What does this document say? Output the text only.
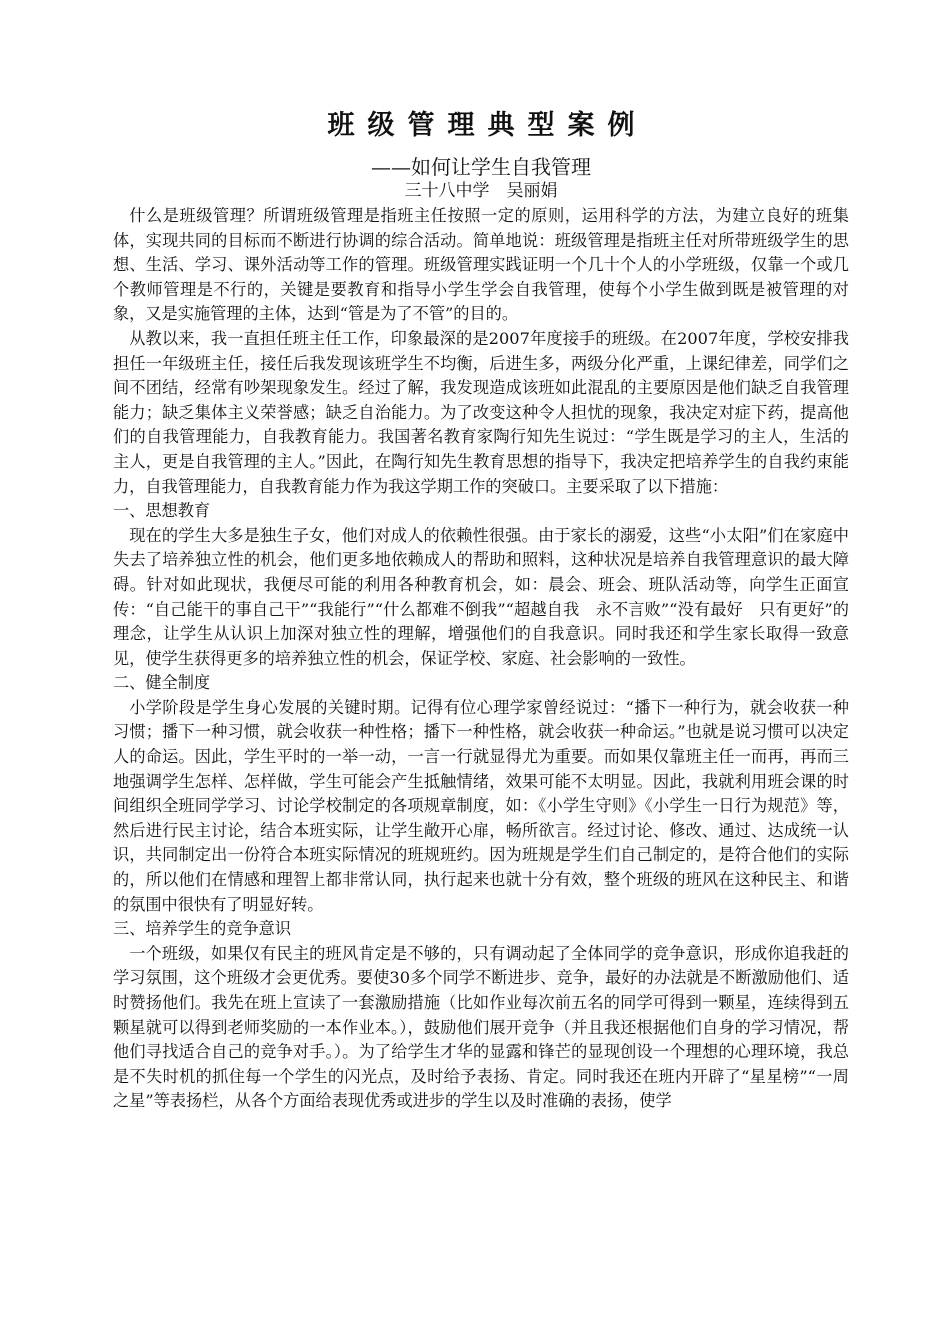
班级管理典型案例

——如何让学生自我管理

三十八中学　吴丽娟

什么是班级管理？所谓班级管理是指班主任按照一定的原则，运用科学的方法，为建立良好的班集体，实现共同的目标而不断进行协调的综合活动。简单地说：班级管理是指班主任对所带班级学生的思想、生活、学习、课外活动等工作的管理。班级管理实践证明一个几十个人的小学班级，仅靠一个或几个教师管理是不行的，关键是要教育和指导小学生学会自我管理，使每个小学生做到既是被管理的对象，又是实施管理的主体，达到“管是为了不管”的目的。

从教以来，我一直担任班主任工作，印象最深的是2007年度接手的班级。在2007年度，学校安排我担任一年级班主任，接任后我发现该班学生不均衡，后进生多，两级分化严重，上课纪律差，同学们之间不团结，经常有吵架现象发生。经过了解，我发现造成该班如此混乱的主要原因是他们缺乏自我管理能力；缺乏集体主义荣誉感；缺乏自治能力。为了改变这种令人担忧的现象，我决定对症下药，提高他们的自我管理能力，自我教育能力。我国著名教育家陶行知先生说过：“学生既是学习的主人，生活的主人，更是自我管理的主人。”因此，在陶行知先生教育思想的指导下，我决定把培养学生的自我约束能力，自我管理能力，自我教育能力作为我这学期工作的突破口。主要采取了以下措施：

一、思想教育

现在的学生大多是独生子女，他们对成人的依赖性很强。由于家长的溺爱，这些“小太阳”们在家庭中失去了培养独立性的机会，他们更多地依赖成人的帮助和照料，这种状况是培养自我管理意识的最大障碍。针对如此现状，我便尽可能的利用各种教育机会，如：晨会、班会、班队活动等，向学生正面宣传：“自己能干的事自己干”“我能行”“什么都难不倒我”“超越自我　永不言败”“没有最好　只有更好”的理念，让学生从认识上加深对独立性的理解，增强他们的自我意识。同时我还和学生家长取得一致意见，使学生获得更多的培养独立性的机会，保证学校、家庭、社会影响的一致性。

二、健全制度

小学阶段是学生身心发展的关键时期。记得有位心理学家曾经说过：“播下一种行为，就会收获一种习惯；播下一种习惯，就会收获一种性格；播下一种性格，就会收获一种命运。”也就是说习惯可以决定人的命运。因此，学生平时的一举一动，一言一行就显得尤为重要。而如果仅靠班主任一而再，再而三地强调学生怎样、怎样做，学生可能会产生抵触情绪，效果可能不太明显。因此，我就利用班会课的时间组织全班同学学习、讨论学校制定的各项规章制度，如：《小学生守则》《小学生一日行为规范》等，然后进行民主讨论，结合本班实际，让学生敞开心扉，畅所欲言。经过讨论、修改、通过、达成统一认识，共同制定出一份符合本班实际情况的班规班约。因为班规是学生们自己制定的，是符合他们的实际的，所以他们在情感和理智上都非常认同，执行起来也就十分有效，整个班级的班风在这种民主、和谐的氛围中很快有了明显好转。

三、培养学生的竞争意识

一个班级，如果仅有民主的班风肯定是不够的，只有调动起了全体同学的竞争意识，形成你追我赶的学习氛围，这个班级才会更优秀。要使30多个同学不断进步、竞争，最好的办法就是不断激励他们、适时赞扬他们。我先在班上宣读了一套激励措施（比如作业每次前五名的同学可得到一颗星，连续得到五颗星就可以得到老师奖励的一本作业本。），鼓励他们展开竞争（并且我还根据他们自身的学习情况，帮他们寻找适合自己的竞争对手。）。为了给学生才华的显露和锋芒的显现创设一个理想的心理环境，我总是不失时机的抓住每一个学生的闪光点，及时给予表扬、肯定。同时我还在班内开辟了“星星榜”“一周之星”等表扬栏，从各个方面给表现优秀或进步的学生以及时准确的表扬，使学
